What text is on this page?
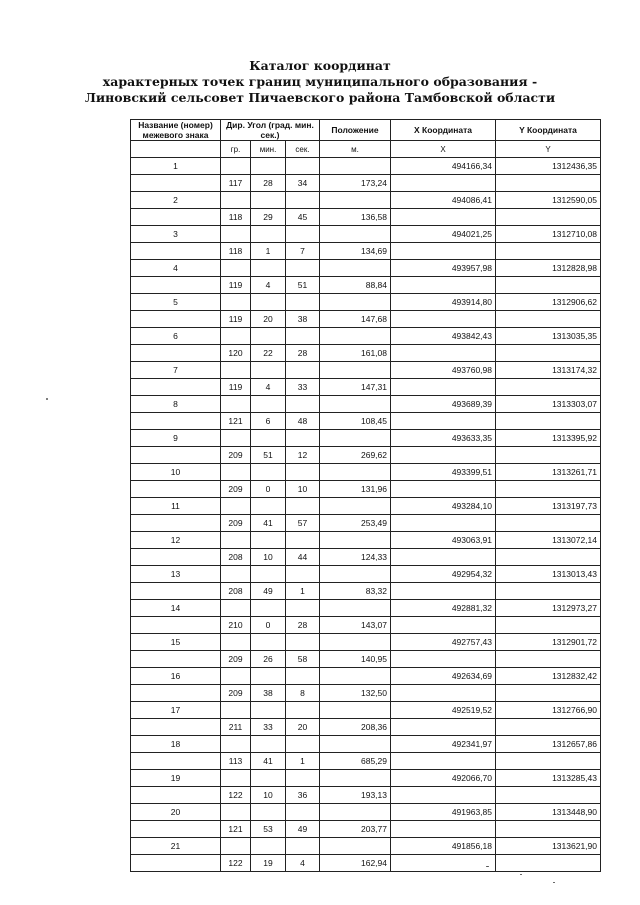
Каталог координат
характерных точек границ муниципального образования -
Линовский сельсовет Пичаевского района Тамбовской области
Название (номер) межевого знака	Дир. Угол (град. мин. сек.)			Положение	X Координата	Y Координата
	гр.	мин.	сек.	м.	X	Y
1					494166,34	1312436,35
	117	28	34	173,24		
2					494086,41	1312590,05
	118	29	45	136,58		
3					494021,25	1312710,08
	118	1	7	134,69		
4					493957,98	1312828,98
	119	4	51	88,84		
5					493914,80	1312906,62
	119	20	38	147,68		
6					493842,43	1313035,35
	120	22	28	161,08		
7					493760,98	1313174,32
	119	4	33	147,31		
8					493689,39	1313303,07
	121	6	48	108,45		
9					493633,35	1313395,92
	209	51	12	269,62		
10					493399,51	1313261,71
	209	0	10	131,96		
11					493284,10	1313197,73
	209	41	57	253,49		
12					493063,91	1313072,14
	208	10	44	124,33		
13					492954,32	1313013,43
	208	49	1	83,32		
14					492881,32	1312973,27
	210	0	28	143,07		
15					492757,43	1312901,72
	209	26	58	140,95		
16					492634,69	1312832,42
	209	38	8	132,50		
17					492519,52	1312766,90
	211	33	20	208,36		
18					492341,97	1312657,86
	113	41	1	685,29		
19					492066,70	1313285,43
	122	10	36	193,13		
20					491963,85	1313448,90
	121	53	49	203,77		
21					491856,18	1313621,90
	122	19	4	162,94		
